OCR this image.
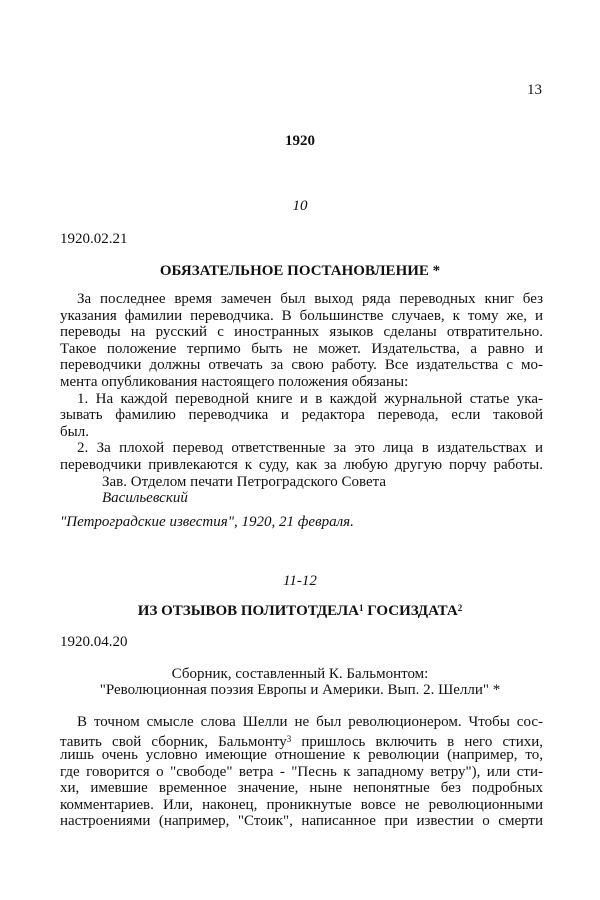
13
1920
10
1920.02.21
ОБЯЗАТЕЛЬНОЕ ПОСТАНОВЛЕНИЕ *
За последнее время замечен был выход ряда переводных книг без
указания фамилии переводчика. В большинстве случаев, к тому же, и
переводы на русский с иностранных языков сделаны отвратительно.
Такое положение терпимо быть не может. Издательства, а равно и
переводчики должны отвечать за свою работу. Все издательства с мо-
мента опубликования настоящего положения обязаны:
1. На каждой переводной книге и в каждой журнальной статье ука-
зывать фамилию переводчика и редактора перевода, если таковой
был.
2. За плохой перевод ответственные за это лица в издательствах и
переводчики привлекаются к суду, как за любую другую порчу работы.
Зав. Отделом печати Петроградского Совета
Васильевский
"Петроградские известия", 1920, 21 февраля.
11-12
ИЗ ОТЗЫВОВ ПОЛИТОТДЕЛА$^1$ ГОСИЗДАТА$^2$
1920.04.20
Сборник, составленный К. Бальмонтом:
"Революционная поэзия Европы и Америки. Вып. 2. Шелли" *
В точном смысле слова Шелли не был революционером. Чтобы сос-
тавить свой сборник, Бальмонту$^3$ пришлось включить в него стихи,
лишь очень условно имеющие отношение к революции (например, то,
где говорится о "свободе" ветра - "Песнь к западному ветру"), или сти-
хи, имевшие временное значение, ныне непонятные без подробных
комментариев. Или, наконец, проникнутые вовсе не революционными
настроениями (например, "Стоик", написанное при известии о смерти
